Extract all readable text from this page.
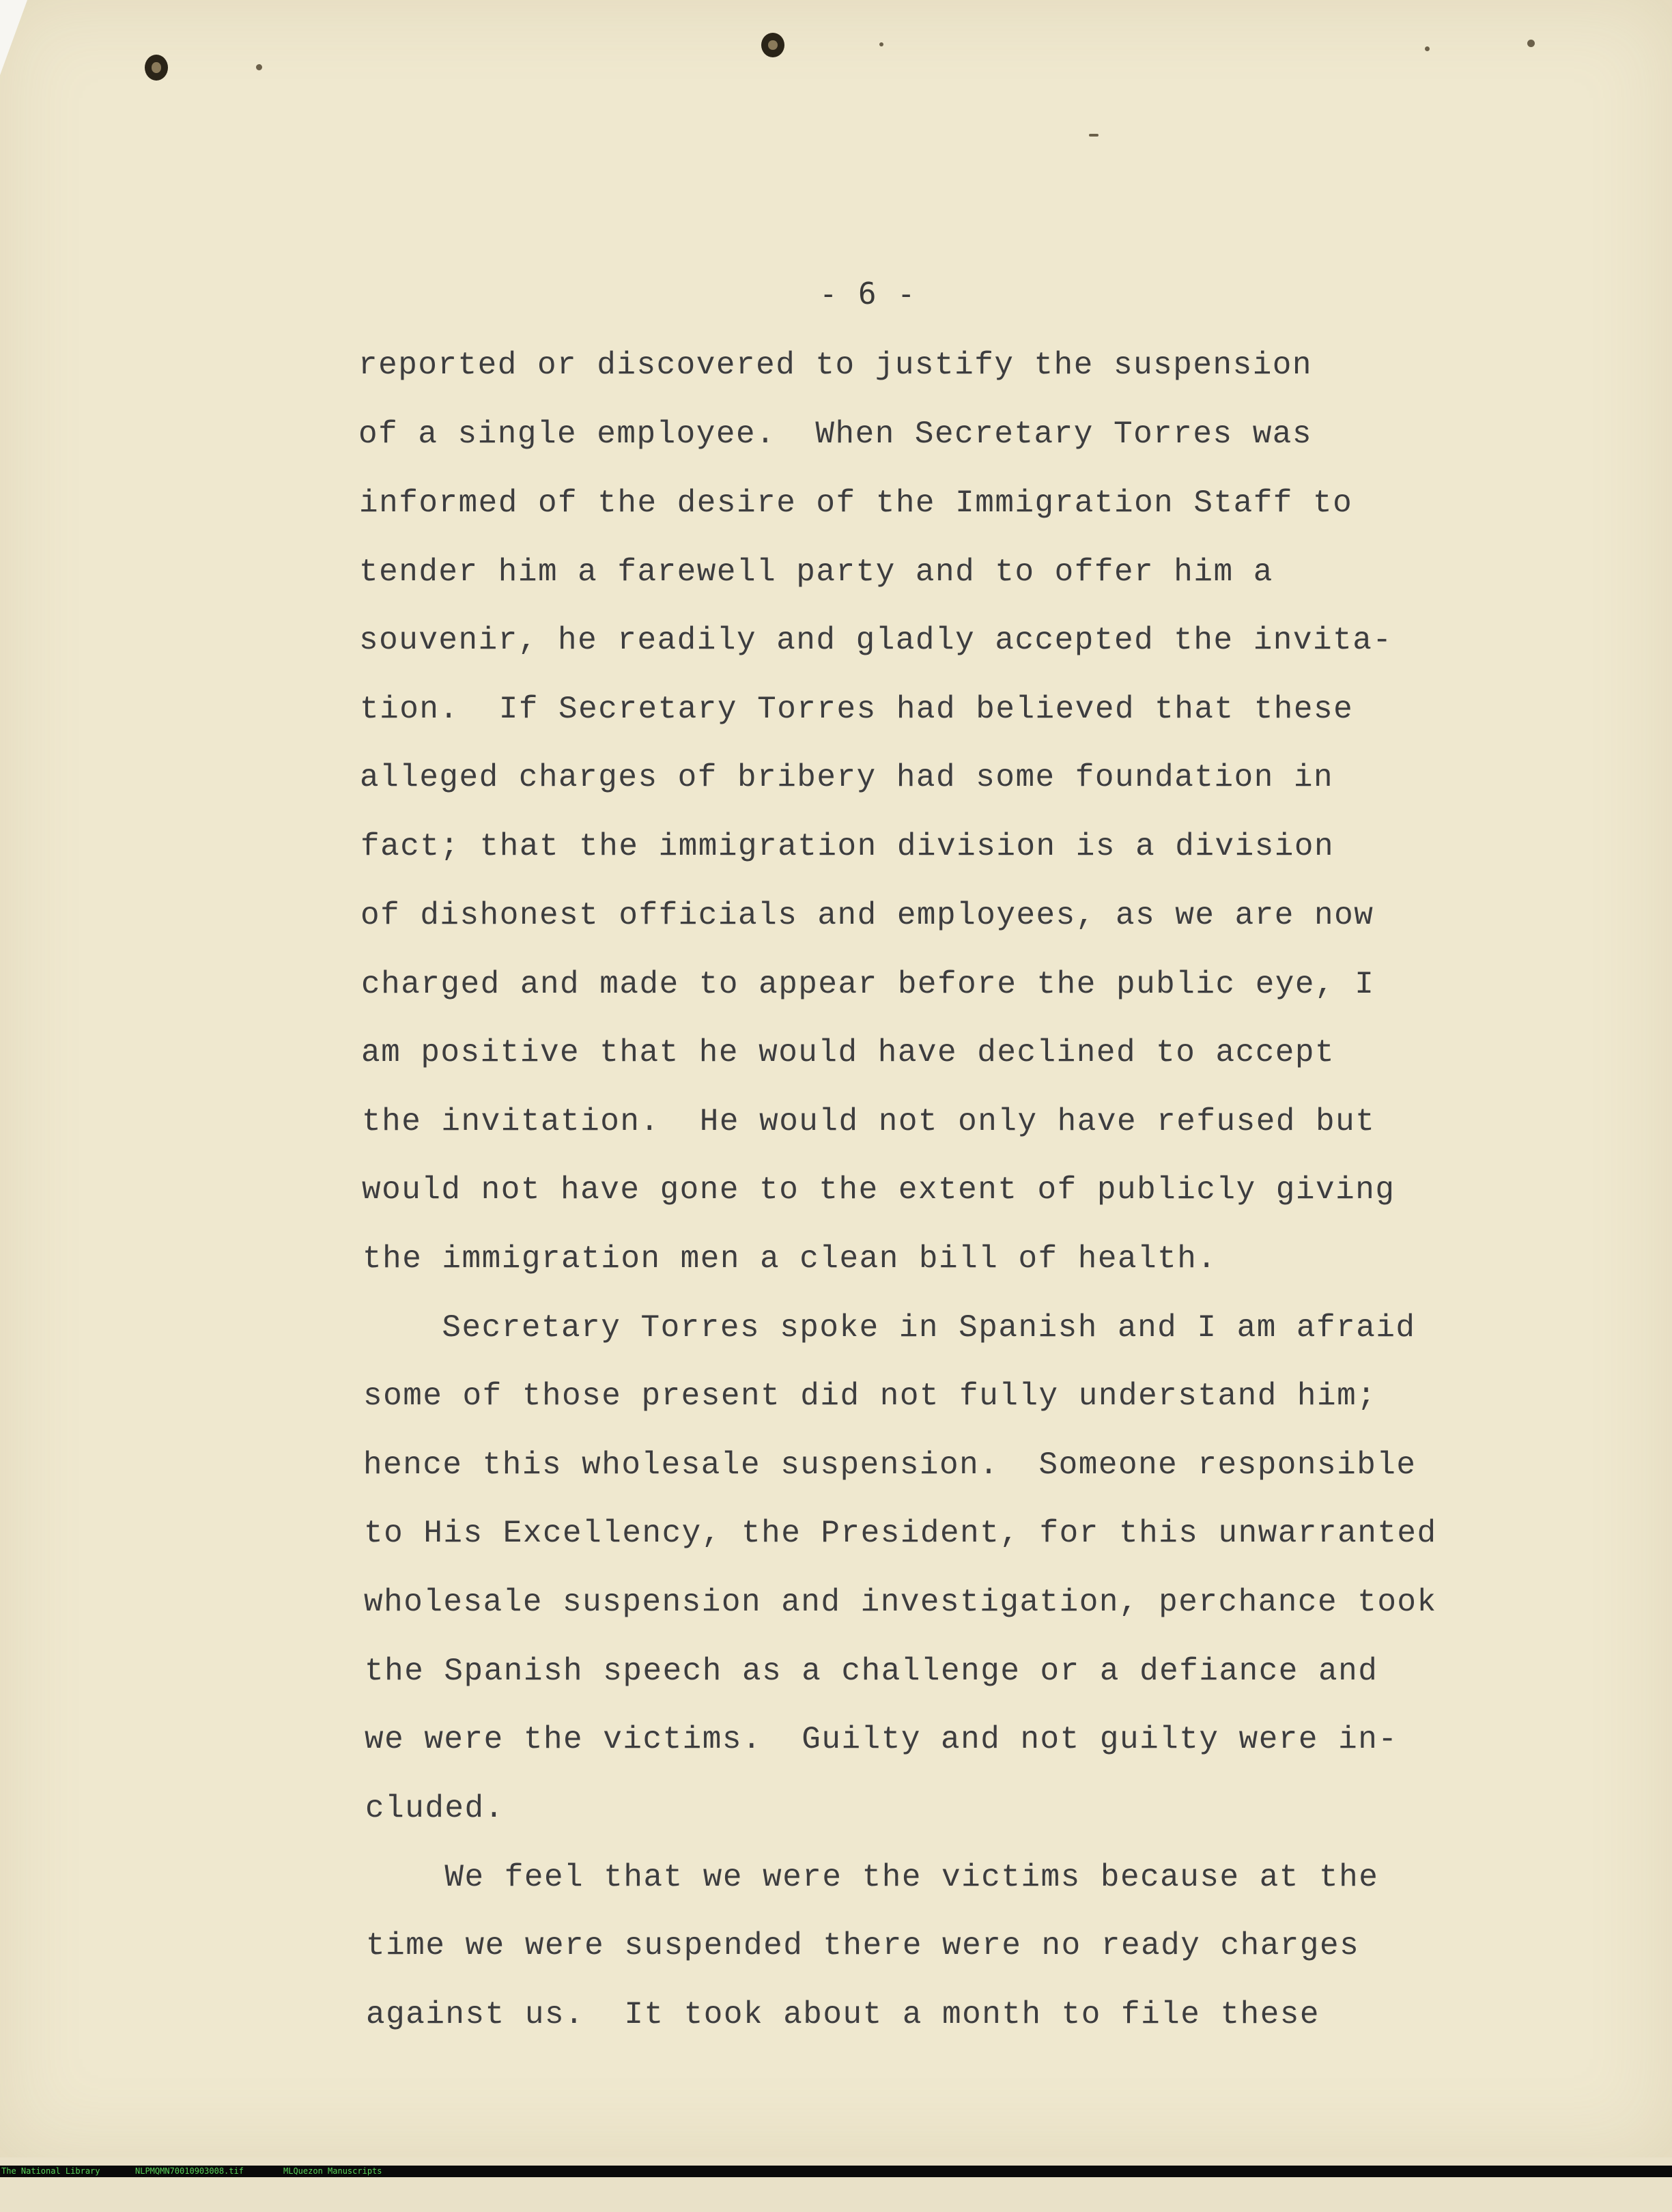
- 6 -
reported or discovered to justify the suspension
of a single employee.  When Secretary Torres was
informed of the desire of the Immigration Staff to
tender him a farewell party and to offer him a
souvenir, he readily and gladly accepted the invita-
tion.  If Secretary Torres had believed that these
alleged charges of bribery had some foundation in
fact; that the immigration division is a division
of dishonest officials and employees, as we are now
charged and made to appear before the public eye, I
am positive that he would have declined to accept
the invitation.  He would not only have refused but
would not have gone to the extent of publicly giving
the immigration men a clean bill of health.
Secretary Torres spoke in Spanish and I am afraid
some of those present did not fully understand him;
hence this wholesale suspension.  Someone responsible
to His Excellency, the President, for this unwarranted
wholesale suspension and investigation, perchance took
the Spanish speech as a challenge or a defiance and
we were the victims.  Guilty and not guilty were in-
cluded.
We feel that we were the victims because at the
time we were suspended there were no ready charges
against us.  It took about a month to file these

The National Library

	NLPMQMN70010903008.tif

	MLQuezon Manuscripts
